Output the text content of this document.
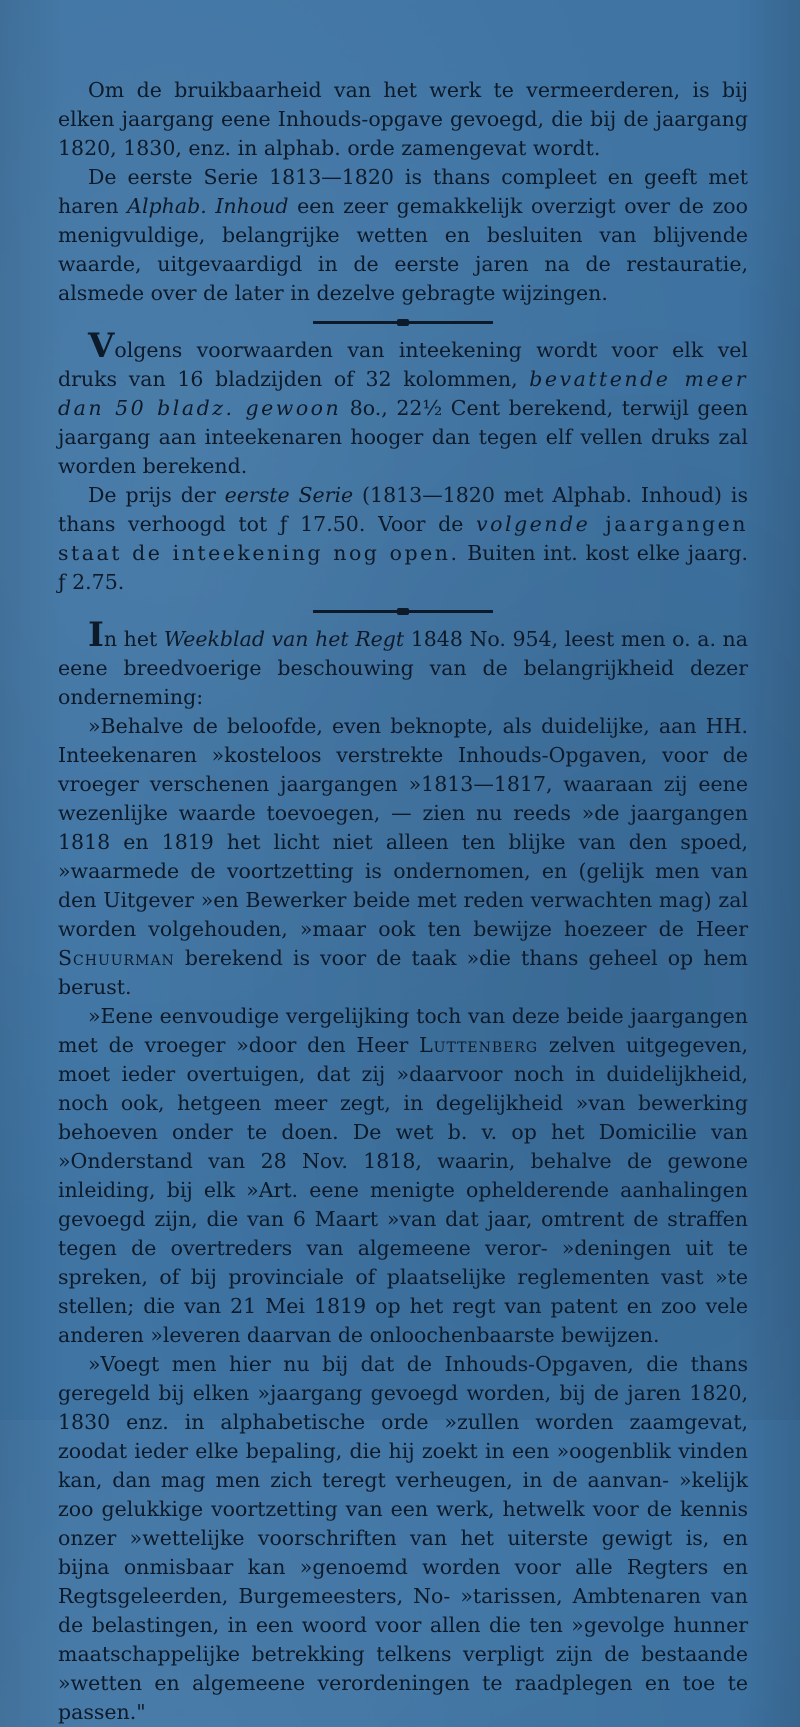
Om de bruikbaarheid van het werk te vermeerderen, is bij elken jaargang eene Inhouds-opgave gevoegd, die bij de jaargang 1820, 1830, enz. in alphab. orde zamengevat wordt.

De eerste Serie 1813—1820 is thans compleet en geeft met haren Alphab. Inhoud een zeer gemakkelijk overzigt over de zoo menigvuldige, belangrijke wetten en besluiten van blijvende waarde, uitgevaardigd in de eerste jaren na de restauratie, alsmede over de later in dezelve gebragte wijzingen.

Volgens voorwaarden van inteekening wordt voor elk vel druks van 16 bladzijden of 32 kolommen, bevattende meer dan 50 bladz. gewoon 8o., 22½ Cent berekend, terwijl geen jaargang aan inteekenaren hooger dan tegen elf vellen druks zal worden berekend.

De prijs der eerste Serie (1813—1820 met Alphab. Inhoud) is thans verhoogd tot ƒ 17.50. Voor de volgende jaargangen staat de inteekening nog open. Buiten int. kost elke jaarg. ƒ 2.75.

In het Weekblad van het Regt 1848 No. 954, leest men o. a. na eene breedvoerige beschouwing van de belangrijkheid dezer onderneming:

»Behalve de beloofde, even beknopte, als duidelijke, aan HH. Inteekenaren »kosteloos verstrekte Inhouds-Opgaven, voor de vroeger verschenen jaargangen »1813—1817, waaraan zij eene wezenlijke waarde toevoegen, — zien nu reeds »de jaargangen 1818 en 1819 het licht niet alleen ten blijke van den spoed, »waarmede de voortzetting is ondernomen, en (gelijk men van den Uitgever »en Bewerker beide met reden verwachten mag) zal worden volgehouden, »maar ook ten bewijze hoezeer de Heer Schuurman berekend is voor de taak »die thans geheel op hem berust.

»Eene eenvoudige vergelijking toch van deze beide jaargangen met de vroeger »door den Heer Luttenberg zelven uitgegeven, moet ieder overtuigen, dat zij »daarvoor noch in duidelijkheid, noch ook, hetgeen meer zegt, in degelijkheid »van bewerking behoeven onder te doen. De wet b. v. op het Domicilie van »Onderstand van 28 Nov. 1818, waarin, behalve de gewone inleiding, bij elk »Art. eene menigte ophelderende aanhalingen gevoegd zijn, die van 6 Maart »van dat jaar, omtrent de straffen tegen de overtreders van algemeene veror- »deningen uit te spreken, of bij provinciale of plaatselijke reglementen vast »te stellen; die van 21 Mei 1819 op het regt van patent en zoo vele anderen »leveren daarvan de onloochenbaarste bewijzen.

»Voegt men hier nu bij dat de Inhouds-Opgaven, die thans geregeld bij elken »jaargang gevoegd worden, bij de jaren 1820, 1830 enz. in alphabetische orde »zullen worden zaamgevat, zoodat ieder elke bepaling, die hij zoekt in een »oogenblik vinden kan, dan mag men zich teregt verheugen, in de aanvan- »kelijk zoo gelukkige voortzetting van een werk, hetwelk voor de kennis onzer »wettelijke voorschriften van het uiterste gewigt is, en bijna onmisbaar kan »genoemd worden voor alle Regters en Regtsgeleerden, Burgemeesters, No- »tarissen, Ambtenaren van de belastingen, in een woord voor allen die ten »gevolge hunner maatschappelijke betrekking telkens verpligt zijn de bestaande »wetten en algemeene verordeningen te raadplegen en toe te passen."
